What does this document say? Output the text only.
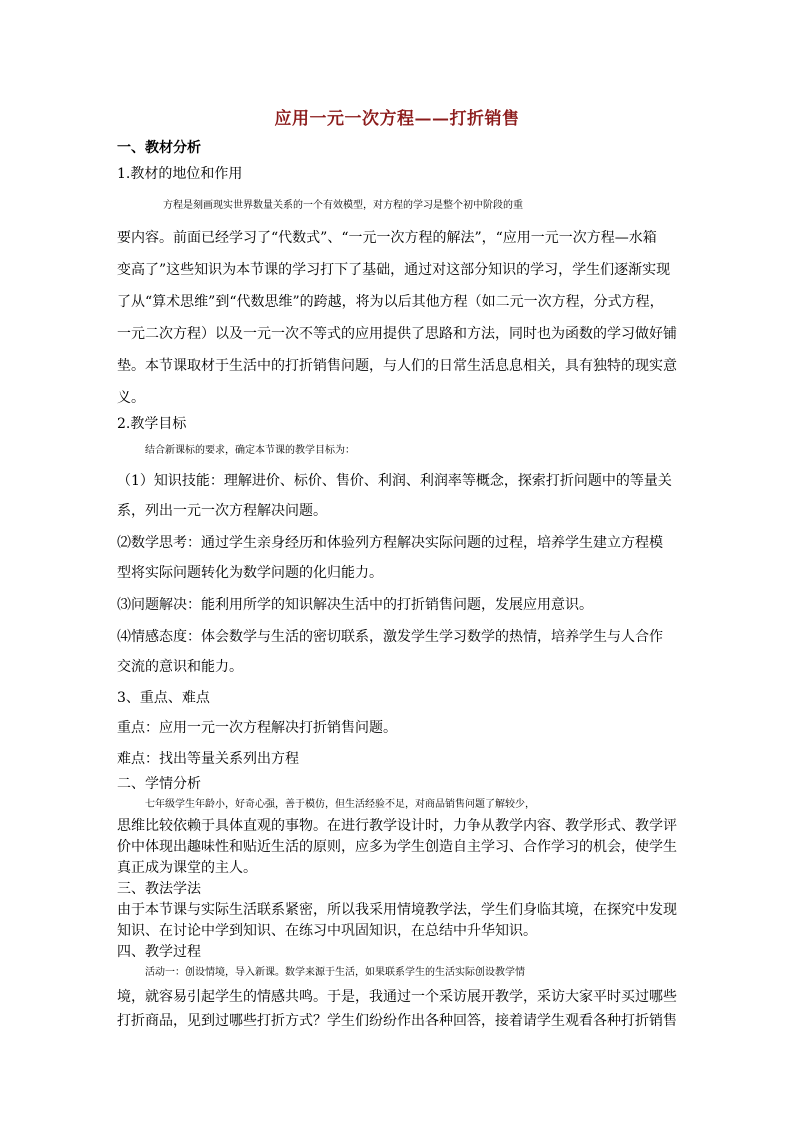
应用一元一次方程——打折销售
一、教材分析
1.教材的地位和作用
方程是刻画现实世界数量关系的一个有效模型，对方程的学习是整个初中阶段的重
要内容。前面已经学习了“代数式”、“一元一次方程的解法”，“应用一元一次方程—水箱
变高了”这些知识为本节课的学习打下了基础，通过对这部分知识的学习，学生们逐渐实现
了从“算术思维”到“代数思维”的跨越，将为以后其他方程（如二元一次方程，分式方程，
一元二次方程）以及一元一次不等式的应用提供了思路和方法，同时也为函数的学习做好铺
垫。本节课取材于生活中的打折销售问题，与人们的日常生活息息相关，具有独特的现实意
义。
2.教学目标
结合新课标的要求，确定本节课的教学目标为：
（1）知识技能：理解进价、标价、售价、利润、利润率等概念，探索打折问题中的等量关
系，列出一元一次方程解决问题。
⑵数学思考：通过学生亲身经历和体验列方程解决实际问题的过程，培养学生建立方程模
型将实际问题转化为数学问题的化归能力。
⑶问题解决：能利用所学的知识解决生活中的打折销售问题，发展应用意识。
⑷情感态度：体会数学与生活的密切联系，激发学生学习数学的热情，培养学生与人合作
交流的意识和能力。
3、重点、难点
重点：应用一元一次方程解决打折销售问题。
难点：找出等量关系列出方程
二、学情分析
七年级学生年龄小，好奇心强，善于模仿，但生活经验不足，对商品销售问题了解较少，
思维比较依赖于具体直观的事物。在进行教学设计时，力争从教学内容、教学形式、教学评
价中体现出趣味性和贴近生活的原则，应多为学生创造自主学习、合作学习的机会，使学生
真正成为课堂的主人。
三、教法学法
由于本节课与实际生活联系紧密，所以我采用情境教学法，学生们身临其境，在探究中发现
知识、在讨论中学到知识、在练习中巩固知识，在总结中升华知识。
四、教学过程
活动一：创设情境，导入新课。数学来源于生活，如果联系学生的生活实际创设教学情
境，就容易引起学生的情感共鸣。于是，我通过一个采访展开教学，采访大家平时买过哪些
打折商品，见到过哪些打折方式？学生们纷纷作出各种回答，接着请学生观看各种打折销售
